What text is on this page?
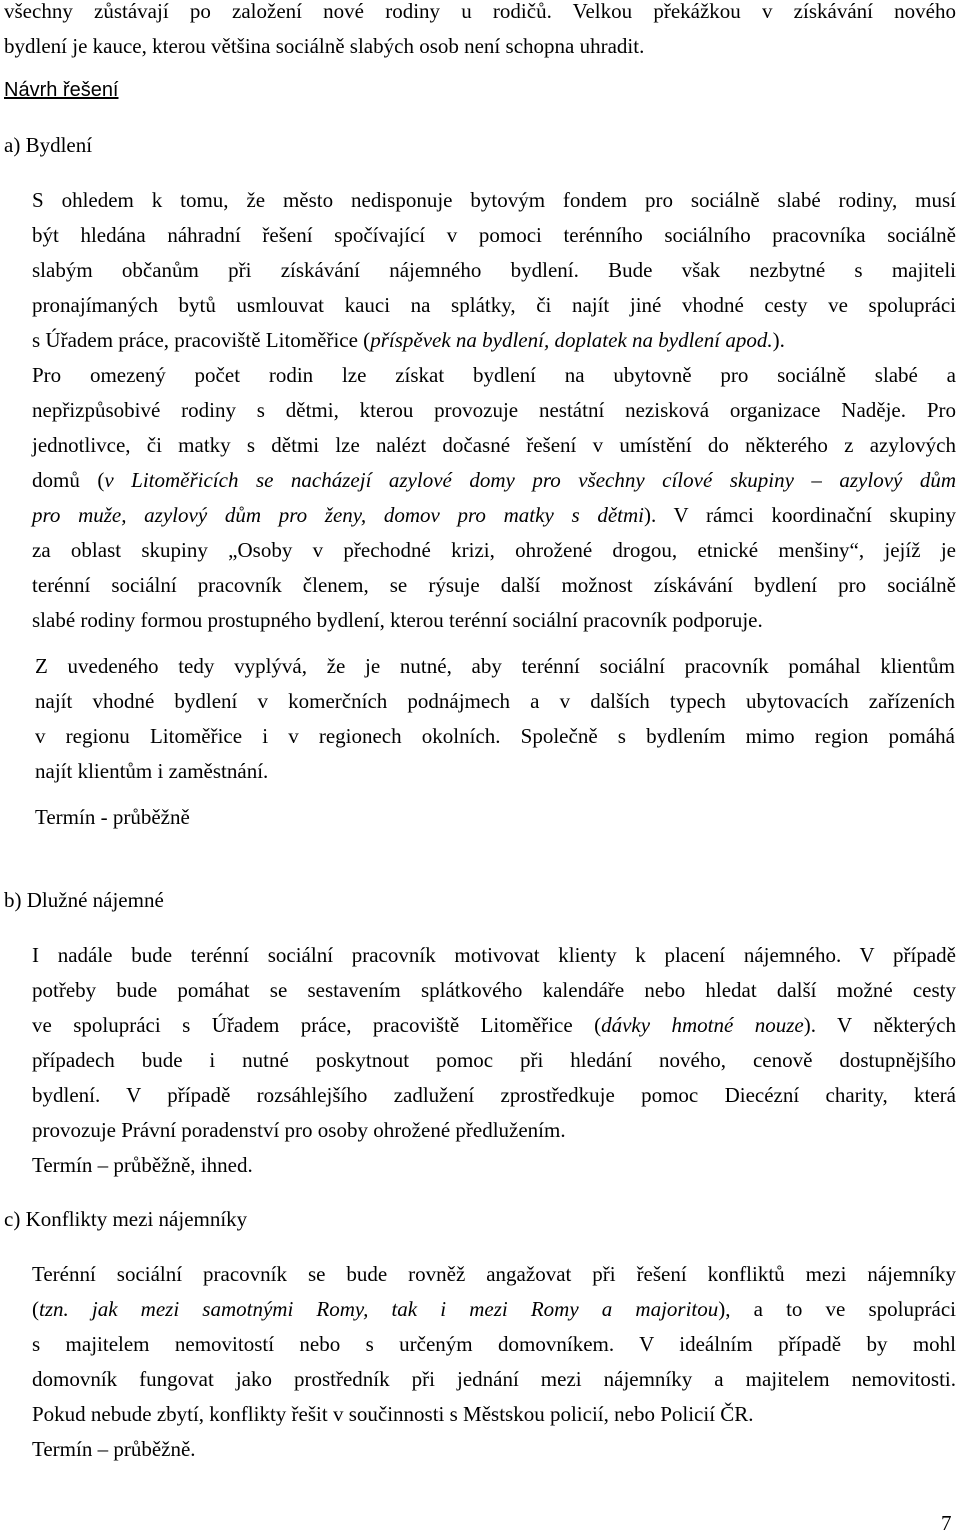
všechny zůstávají po založení nové rodiny u rodičů. Velkou překážkou v získávání nového

bydlení je kauce, kterou většina sociálně slabých osob není schopna uhradit.

Návrh řešení

a) Bydlení

S ohledem k tomu, že město nedisponuje bytovým fondem pro sociálně slabé rodiny, musí

být hledána náhradní řešení spočívající v pomoci terénního sociálního pracovníka sociálně

slabým občanům při získávání nájemného bydlení. Bude však nezbytné s majiteli

pronajímaných bytů usmlouvat kauci na splátky, či najít jiné vhodné cesty ve spolupráci

s Úřadem práce, pracoviště Litoměřice (příspěvek na bydlení, doplatek na bydlení apod.).

Pro omezený počet rodin lze získat bydlení na ubytovně pro sociálně slabé a

nepřizpůsobivé rodiny s dětmi, kterou provozuje nestátní nezisková organizace Naděje. Pro

jednotlivce, či matky s dětmi lze nalézt dočasné řešení v umístění do některého z azylových

domů (v Litoměřicích se nacházejí azylové domy pro všechny cílové skupiny – azylový dům

pro muže, azylový dům pro ženy, domov pro matky s dětmi). V rámci koordinační skupiny

za oblast skupiny „Osoby v přechodné krizi, ohrožené drogou, etnické menšiny“, jejíž je

terénní sociální pracovník členem, se rýsuje další možnost získávání bydlení pro sociálně

slabé rodiny formou prostupného bydlení, kterou terénní sociální pracovník podporuje.

Z uvedeného tedy vyplývá, že je nutné, aby terénní sociální pracovník pomáhal klientům

najít vhodné bydlení v komerčních podnájmech a v dalších typech ubytovacích zařízeních

v regionu Litoměřice i v regionech okolních. Společně s bydlením mimo region pomáhá

najít klientům i zaměstnání.

Termín - průběžně

b) Dlužné nájemné

I nadále bude terénní sociální pracovník motivovat klienty k placení nájemného. V případě

potřeby bude pomáhat se sestavením splátkového kalendáře nebo hledat další možné cesty

ve spolupráci s Úřadem práce, pracoviště Litoměřice (dávky hmotné nouze). V některých

případech bude i nutné poskytnout pomoc při hledání nového, cenově dostupnějšího

bydlení. V případě rozsáhlejšího zadlužení zprostředkuje pomoc Diecézní charity, která

provozuje Právní poradenství pro osoby ohrožené předlužením.

Termín – průběžně, ihned.

c) Konflikty mezi nájemníky

Terénní sociální pracovník se bude rovněž angažovat při řešení konfliktů mezi nájemníky

(tzn. jak mezi samotnými Romy, tak i mezi Romy a majoritou), a to ve spolupráci

s majitelem nemovitostí nebo s určeným domovníkem. V ideálním případě by mohl

domovník fungovat jako prostředník při jednání mezi nájemníky a majitelem nemovitosti.

Pokud nebude zbytí, konflikty řešit v součinnosti s Městskou policií, nebo Policií ČR.

Termín – průběžně.

7
